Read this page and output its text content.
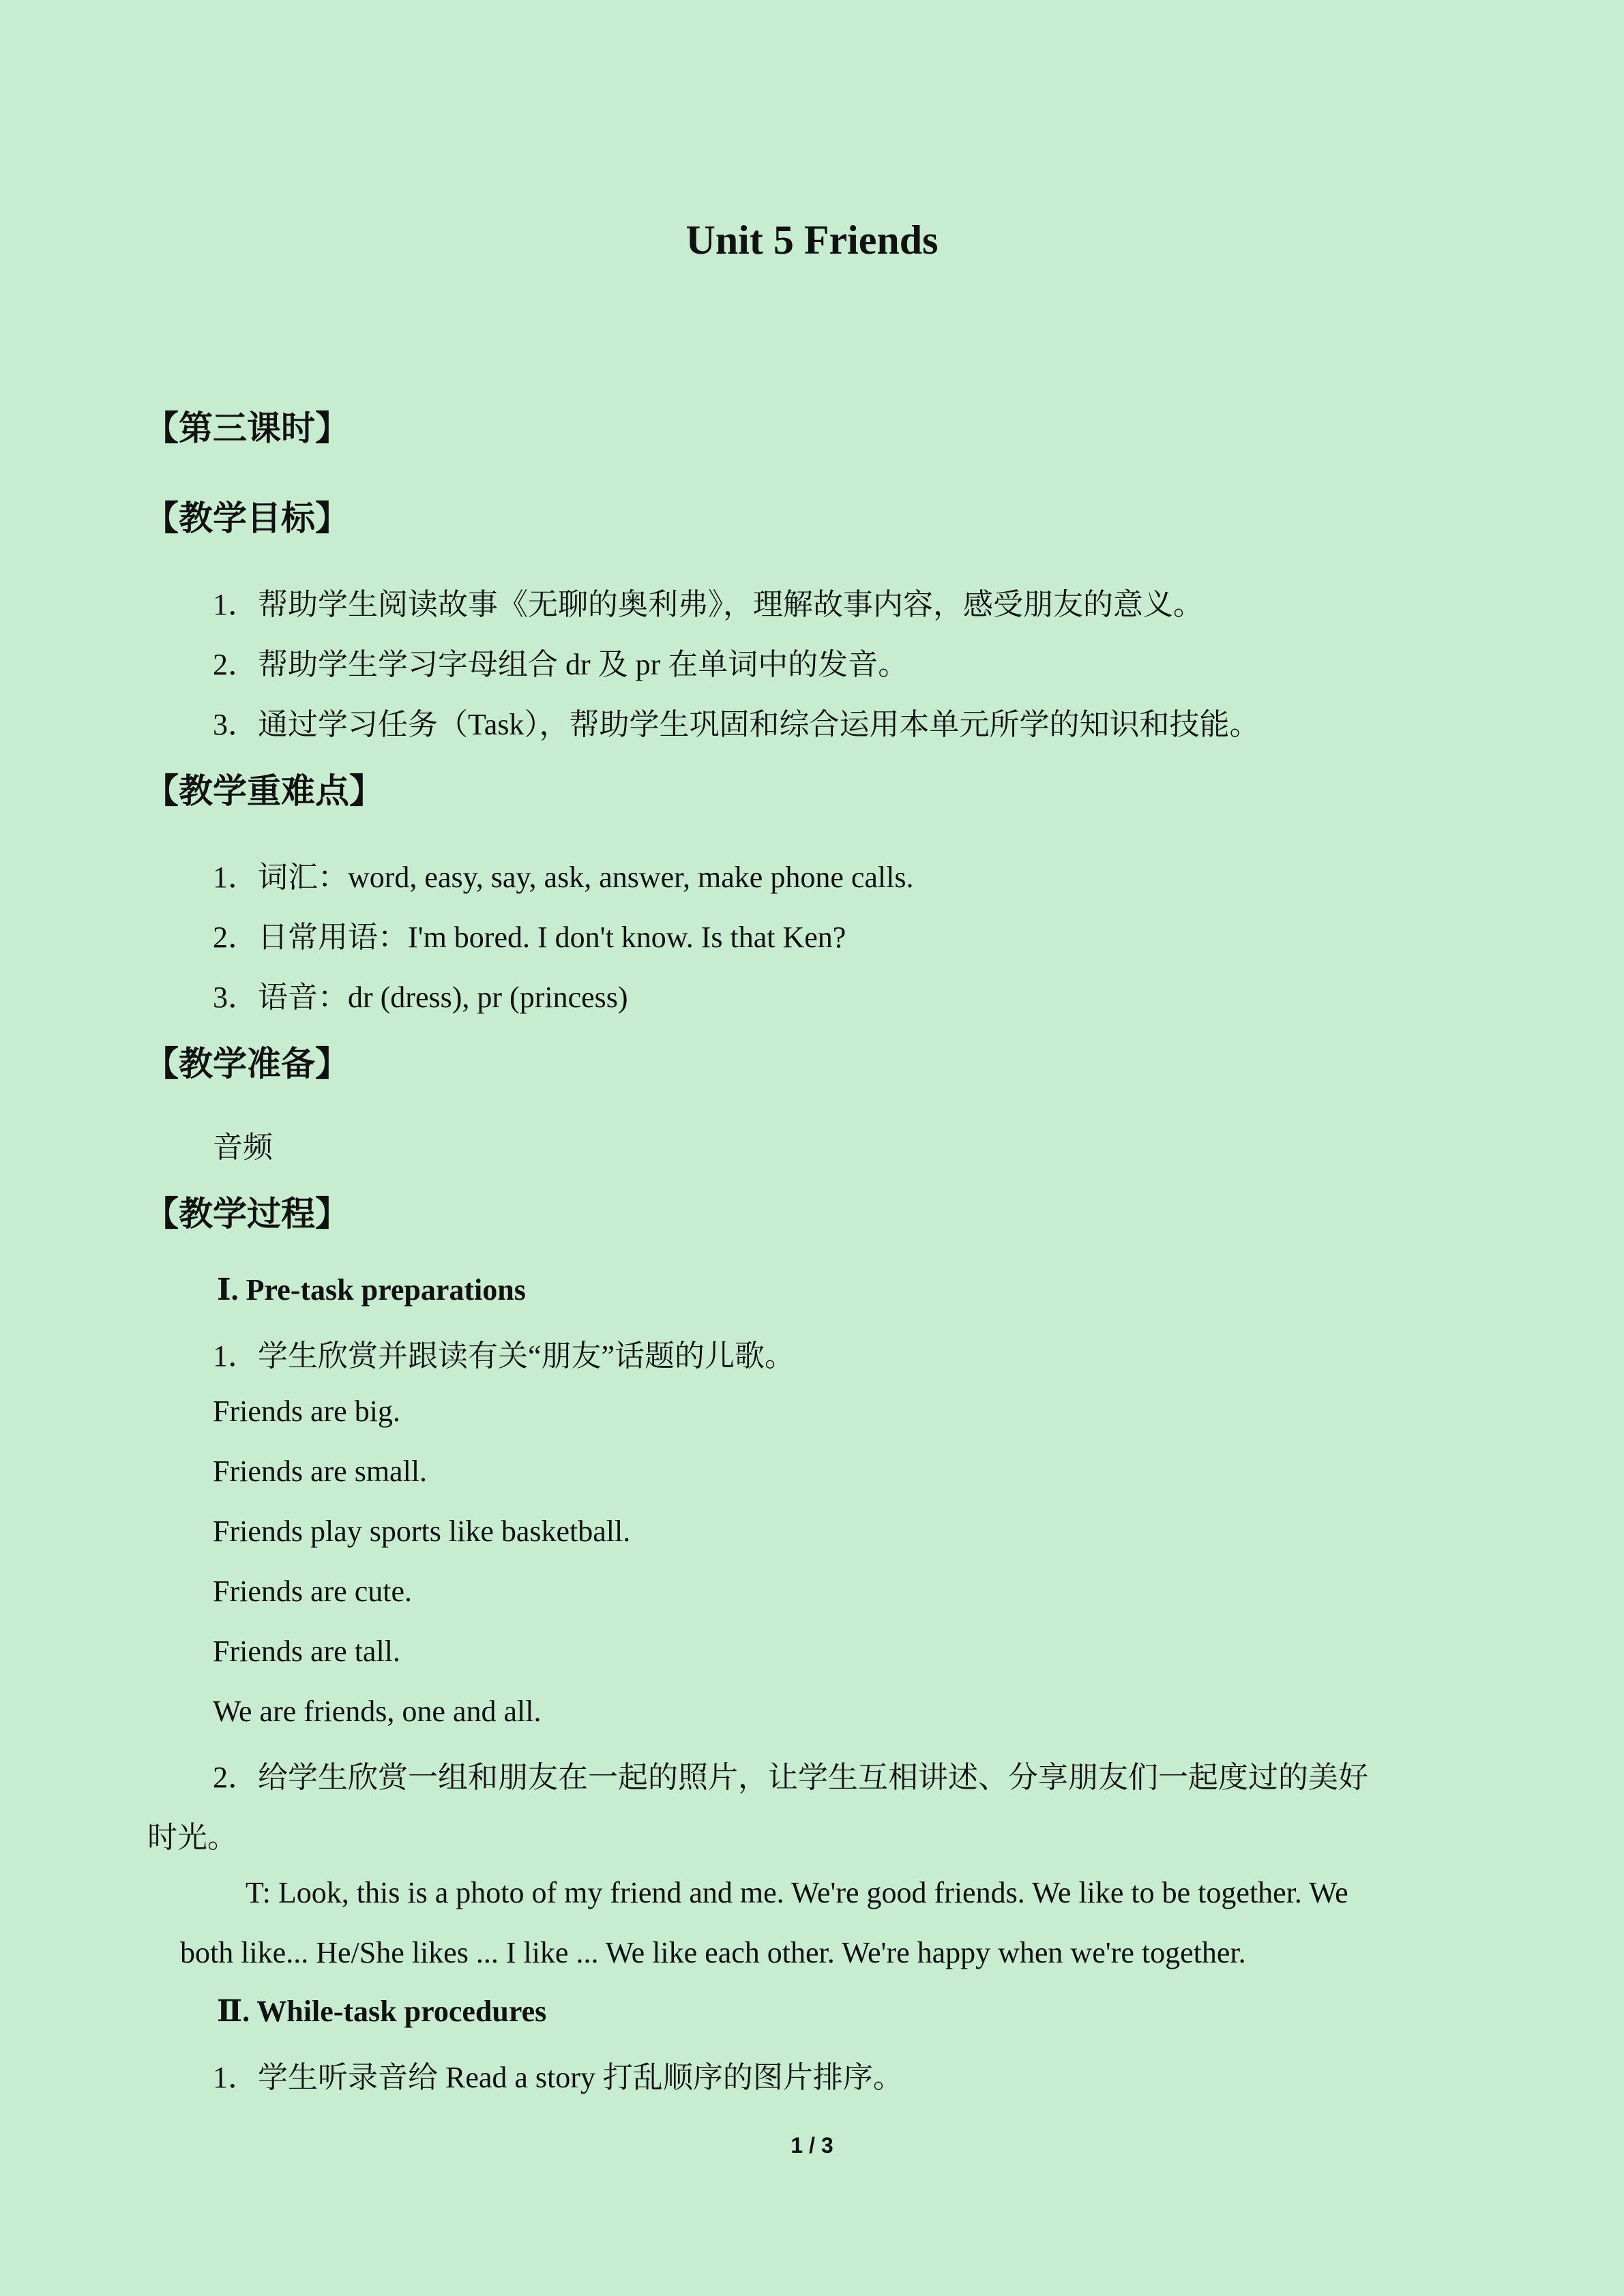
Unit 5 Friends
【第三课时】
【教学目标】
1．帮助学生阅读故事《无聊的奥利弗》，理解故事内容，感受朋友的意义。
2．帮助学生学习字母组合 dr 及 pr 在单词中的发音。
3．通过学习任务（Task），帮助学生巩固和综合运用本单元所学的知识和技能。
【教学重难点】
1．词汇：word, easy, say, ask, answer, make phone calls.
2．日常用语：I'm bored. I don't know. Is that Ken?
3．语音：dr (dress), pr (princess)
【教学准备】
音频
【教学过程】
Ⅰ. Pre-task preparations
1．学生欣赏并跟读有关“朋友”话题的儿歌。
Friends are big.
Friends are small.
Friends play sports like basketball.
Friends are cute.
Friends are tall.
We are friends, one and all.
2．给学生欣赏一组和朋友在一起的照片，让学生互相讲述、分享朋友们一起度过的美好
时光。
T: Look, this is a photo of my friend and me. We're good friends. We like to be together. We
both like... He/She likes ... I like ... We like each other. We're happy when we're together.
Ⅱ. While-task procedures
1．学生听录音给 Read a story 打乱顺序的图片排序。
1 / 3
